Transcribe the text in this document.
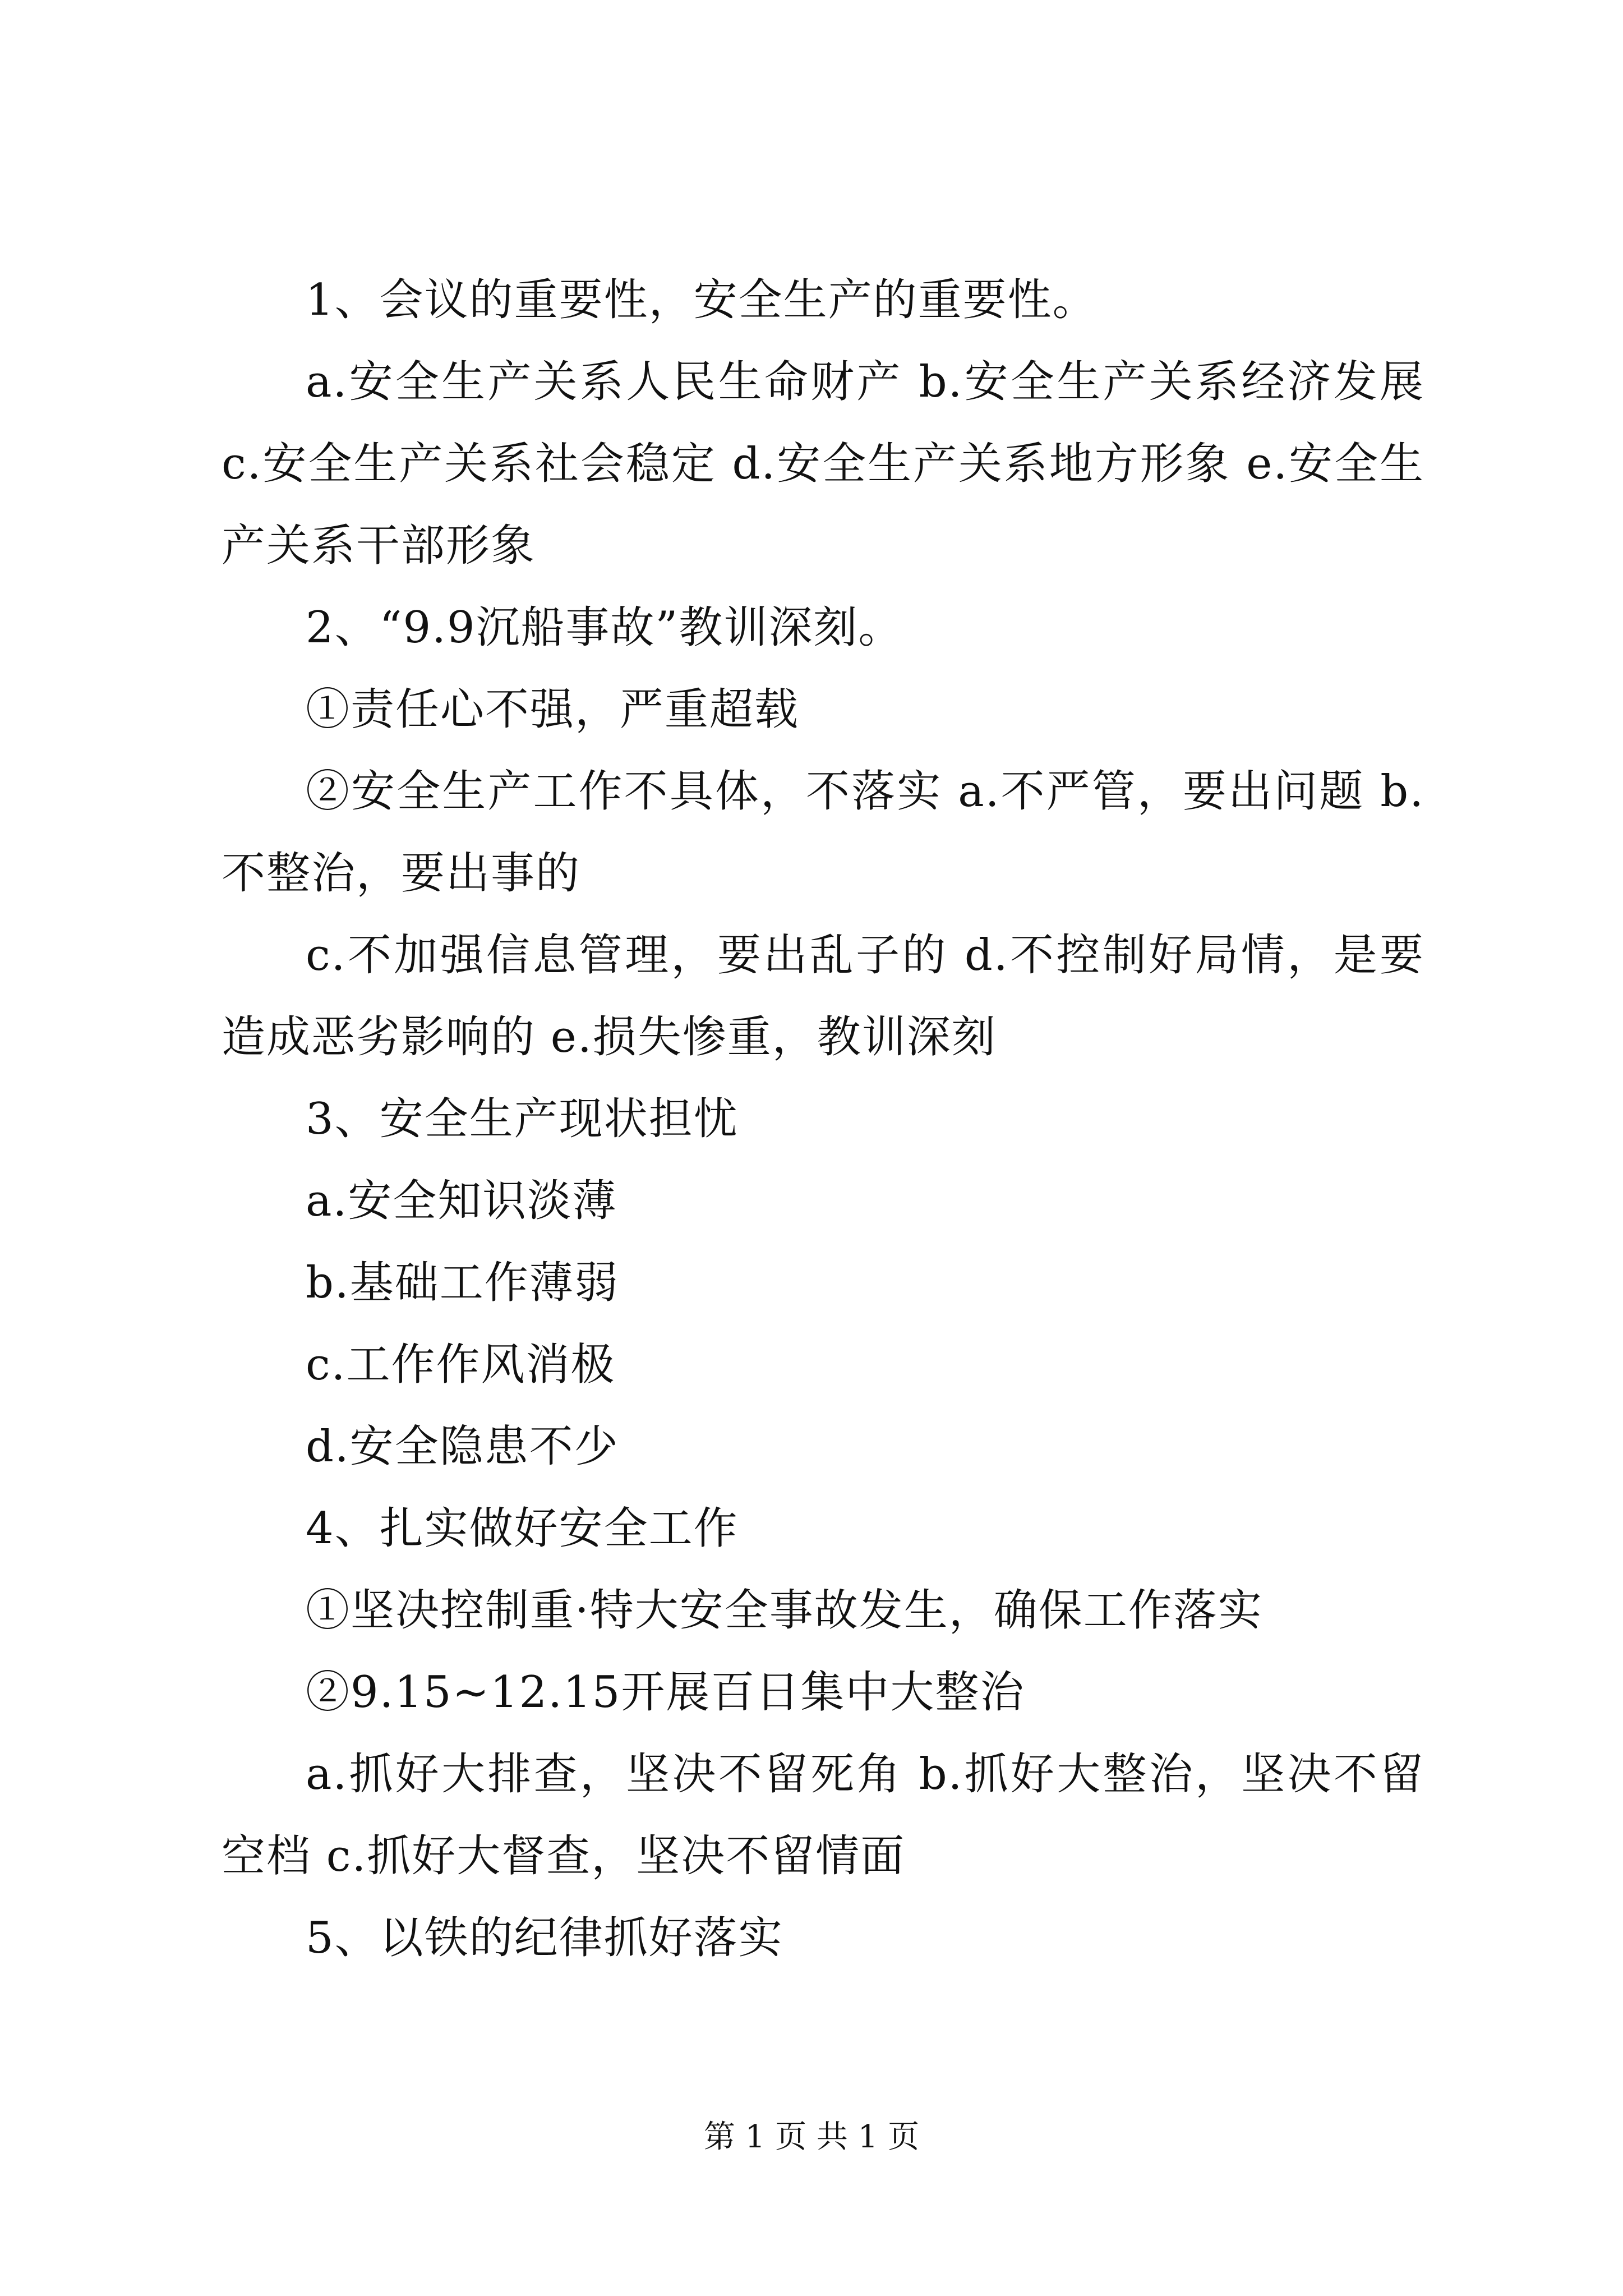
1、会议的重要性，安全生产的重要性。

a.安全生产关系人民生命财产 b.安全生产关系经济发展 c.安全生产关系社会稳定 d.安全生产关系地方形象 e.安全生产关系干部形象

2、“9.9沉船事故”教训深刻。

①责任心不强，严重超载

②安全生产工作不具体，不落实 a.不严管，要出问题 b.不整治，要出事的

c.不加强信息管理，要出乱子的 d.不控制好局情，是要造成恶劣影响的 e.损失惨重，教训深刻

3、安全生产现状担忧

a.安全知识淡薄

b.基础工作薄弱

c.工作作风消极

d.安全隐患不少

4、扎实做好安全工作

①坚决控制重·特大安全事故发生，确保工作落实

②9.15~12.15开展百日集中大整治

a.抓好大排查，坚决不留死角 b.抓好大整治，坚决不留空档 c.抓好大督查，坚决不留情面

5、以铁的纪律抓好落实

第 1 页 共 1 页
